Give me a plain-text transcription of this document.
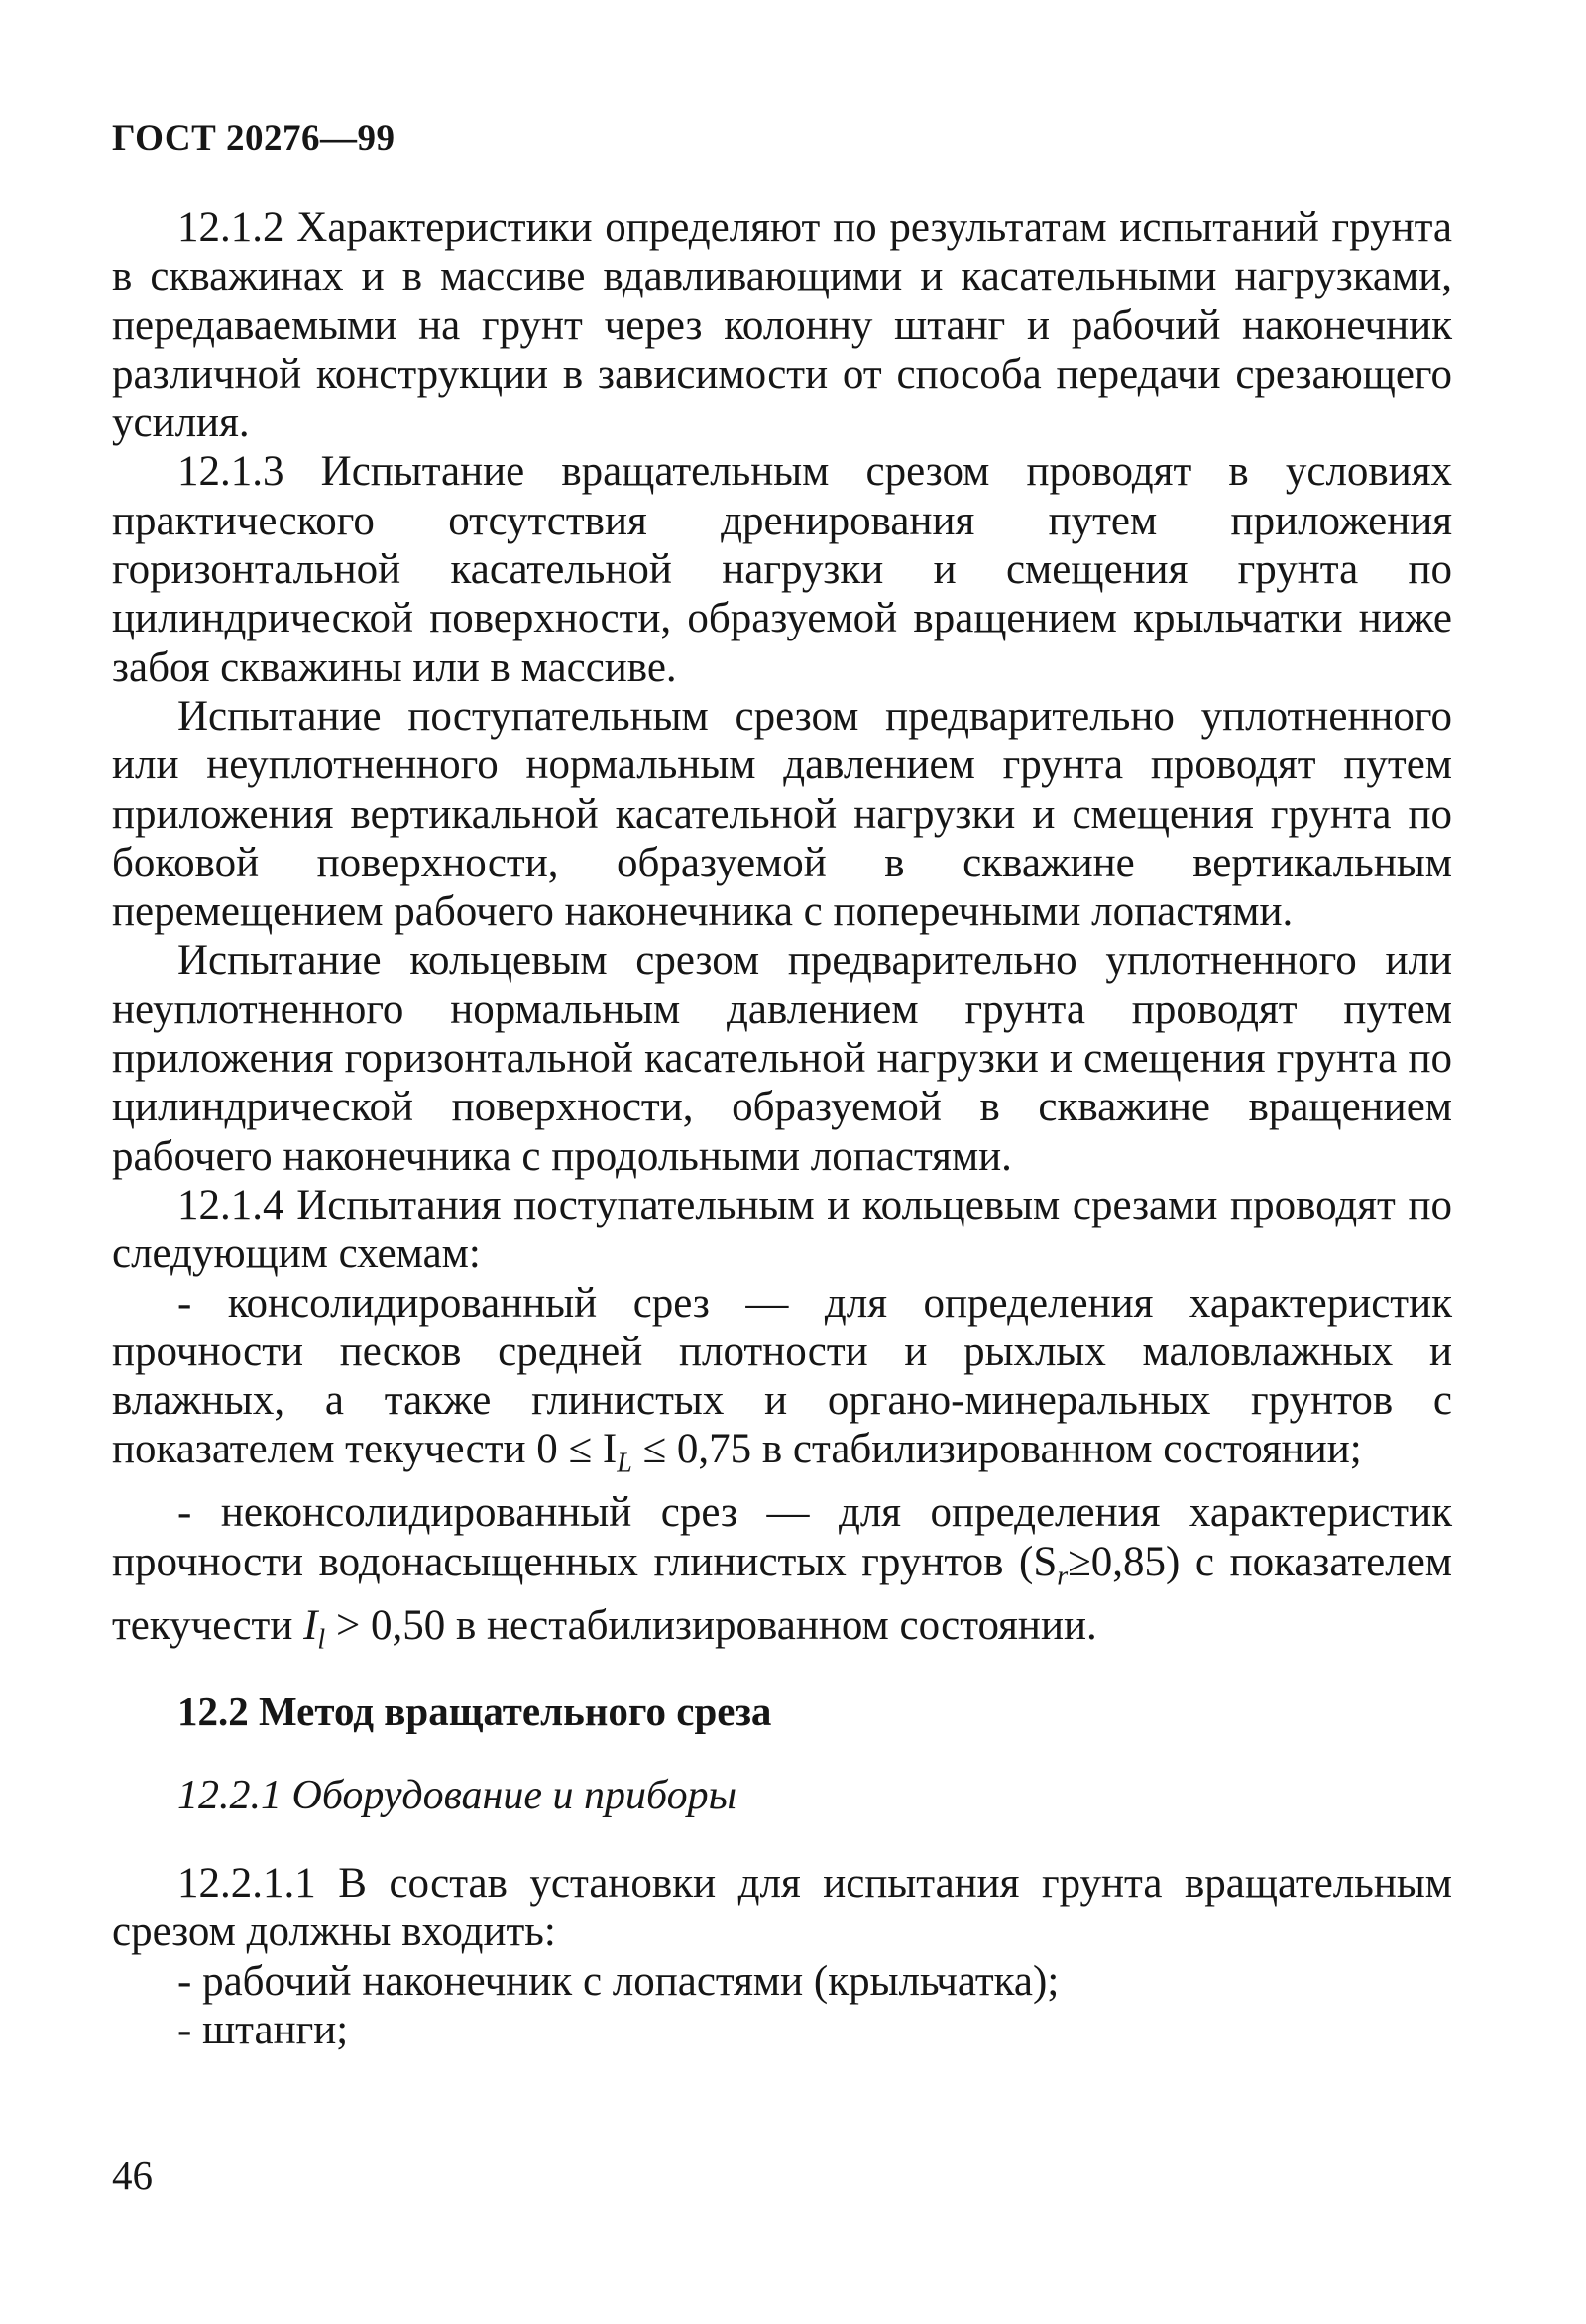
ГОСТ 20276—99

12.1.2 Характеристики определяют по результатам испытаний грунта в скважинах и в массиве вдавливающими и касательными нагрузками, передаваемыми на грунт через колонну штанг и рабочий наконечник различной конструкции в зависимости от способа передачи срезающего усилия.

12.1.3 Испытание вращательным срезом проводят в условиях практического отсутствия дренирования путем приложения горизонтальной касательной нагрузки и смещения грунта по цилиндрической поверхности, образуемой вращением крыльчатки ниже забоя скважины или в массиве.

Испытание поступательным срезом предварительно уплотненного или неуплотненного нормальным давлением грунта проводят путем приложения вертикальной касательной нагрузки и смещения грунта по боковой поверхности, образуемой в скважине вертикальным перемещением рабочего наконечника с поперечными лопастями.

Испытание кольцевым срезом предварительно уплотненного или неуплотненного нормальным давлением грунта проводят путем приложения горизонтальной касательной нагрузки и смещения грунта по цилиндрической поверхности, образуемой в скважине вращением рабочего наконечника с продольными лопастями.

12.1.4 Испытания поступательным и кольцевым срезами проводят по следующим схемам:

- консолидированный срез — для определения характеристик прочности песков средней плотности и рыхлых маловлажных и влажных, а также глинистых и органо-минеральных грунтов с показателем текучести $0 \le I_L \le 0,75$ в стабилизированном состоянии;

- неконсолидированный срез — для определения характеристик прочности водонасыщенных глинистых грунтов $(S_r\ge 0,85)$ с показателем текучести $I_l > 0,50$ в нестабилизированном состоянии.

12.2 Метод вращательного среза
12.2.1 Оборудование и приборы

12.2.1.1 В состав установки для испытания грунта вращательным срезом должны входить:

- рабочий наконечник с лопастями (крыльчатка);

- штанги;

46
